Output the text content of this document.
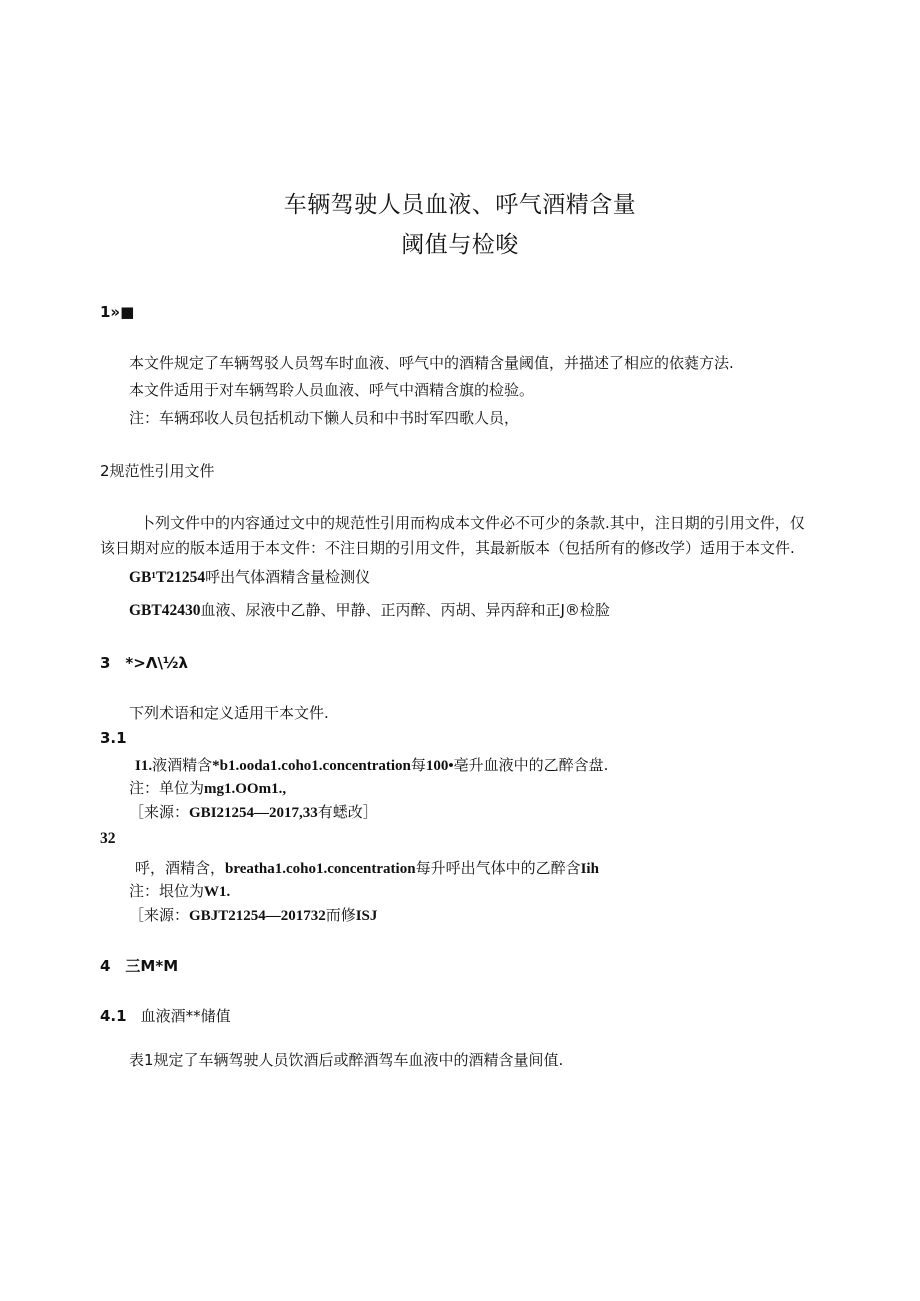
车辆驾驶人员血液、呼气酒精含量
阈值与检唆
1»■
本文件规定了车辆驾驳人员驾车时血液、呼气中的酒精含量阈值，并描述了相应的依蕤方法.
本文件适用于对车辆驾聆人员血液、呼气中酒精含旗的检验。
注：车辆邳收人员包括机动下懒人员和中书时军四歌人员，
2规范性引用文件
卜列文件中的内容通过文中的规范性引用而构成本文件必不可少的条款.其中，注日期的引用文件，仅
该日期对应的版本适用于本文件：不注日期的引用文件，其最新版本（包括所有的修改学）适用于本文件.
GB¹T21254呼出气体酒精含量检测仪
GBT42430血液、尿液中乙静、甲静、正丙醉、丙胡、异丙辞和正J®检脸
3　*>Λ\½λ
下列术语和定义适用干本文件.
3.1
I1.液酒精含*b1.ooda1.coho1.concentration每100•亳升血液中的乙醉含盘.
注：单位为mg1.OOm1.,
［来源：GBI21254—2017,33有蟋改］
32
呼，酒精含，breatha1.coho1.concentration每升呼出气体中的乙醉含Iih
注：垠位为W1.
［来源：GBJT21254—201732而修ISJ
4　三M*M
4.1 血液酒**储值
表1规定了车辆驾驶人员饮酒后或醉酒驾车血液中的酒精含量间值.
